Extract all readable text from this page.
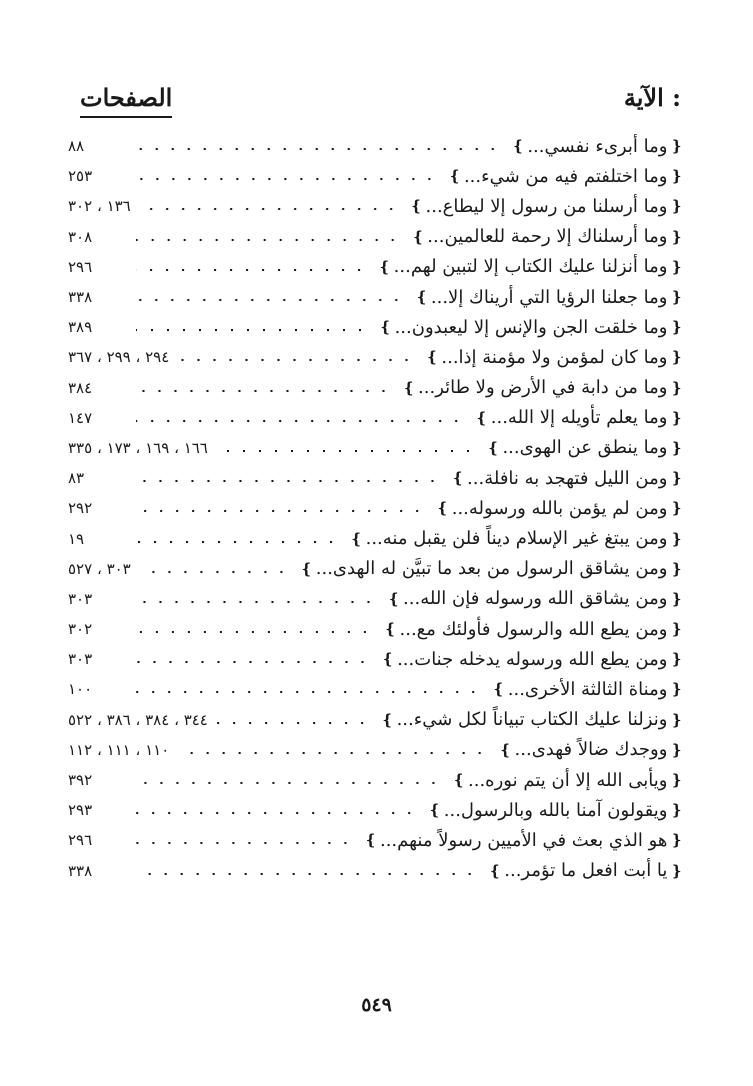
الآية :
الصفحات
❴
وما أبرىء نفسي...
❵
٨٨
❴
وما اختلفتم فيه من شيء...
❵
٢٥٣
❴
وما أرسلنا من رسول إلا ليطاع...
❵
١٣٦ ، ٣٠٢
❴
وما أرسلناك إلا رحمة للعالمين...
❵
٣٠٨
❴
وما أنزلنا عليك الكتاب إلا لتبين لهم...
❵
٢٩٦
❴
وما جعلنا الرؤيا التي أريناك إلا...
❵
٣٣٨
❴
وما خلقت الجن والإنس إلا ليعبدون...
❵
٣٨٩
❴
وما كان لمؤمن ولا مؤمنة إذا...
❵
٢٩٤ ، ٢٩٩ ، ٣٦٧
❴
وما من دابة في الأرض ولا طائر...
❵
٣٨٤
❴
وما يعلم تأويله إلا الله...
❵
١٤٧
❴
وما ينطق عن الهوى...
❵
١٦٦ ، ١٦٩ ، ١٧٣ ، ٣٣٥
❴
ومن الليل فتهجد به نافلة...
❵
٨٣
❴
ومن لم يؤمن بالله ورسوله...
❵
٢٩٢
❴
ومن يبتغ غير الإسلام ديناً فلن يقبل منه...
❵
١٩
❴
ومن يشاقق الرسول من بعد ما تبيَّن له الهدى...
❵
٣٠٣ ، ٥٢٧
❴
ومن يشاقق الله ورسوله فإن الله...
❵
٣٠٣
❴
ومن يطع الله والرسول فأولئك مع...
❵
٣٠٢
❴
ومن يطع الله ورسوله يدخله جنات...
❵
٣٠٣
❴
ومناة الثالثة الأخرى...
❵
١٠٠
❴
ونزلنا عليك الكتاب تبياناً لكل شيء...
❵
٣٤٤ ، ٣٨٤ ، ٣٨٦ ، ٥٢٢
❴
ووجدك ضالاً فهدى...
❵
١١٠ ، ١١١ ، ١١٢
❴
ويأبى الله إلا أن يتم نوره...
❵
٣٩٢
❴
ويقولون آمنا بالله وبالرسول...
❵
٢٩٣
❴
هو الذي بعث في الأميين رسولاً منهم...
❵
٢٩٦
❴
يا أبت افعل ما تؤمر...
❵
٣٣٨
٥٤٩
